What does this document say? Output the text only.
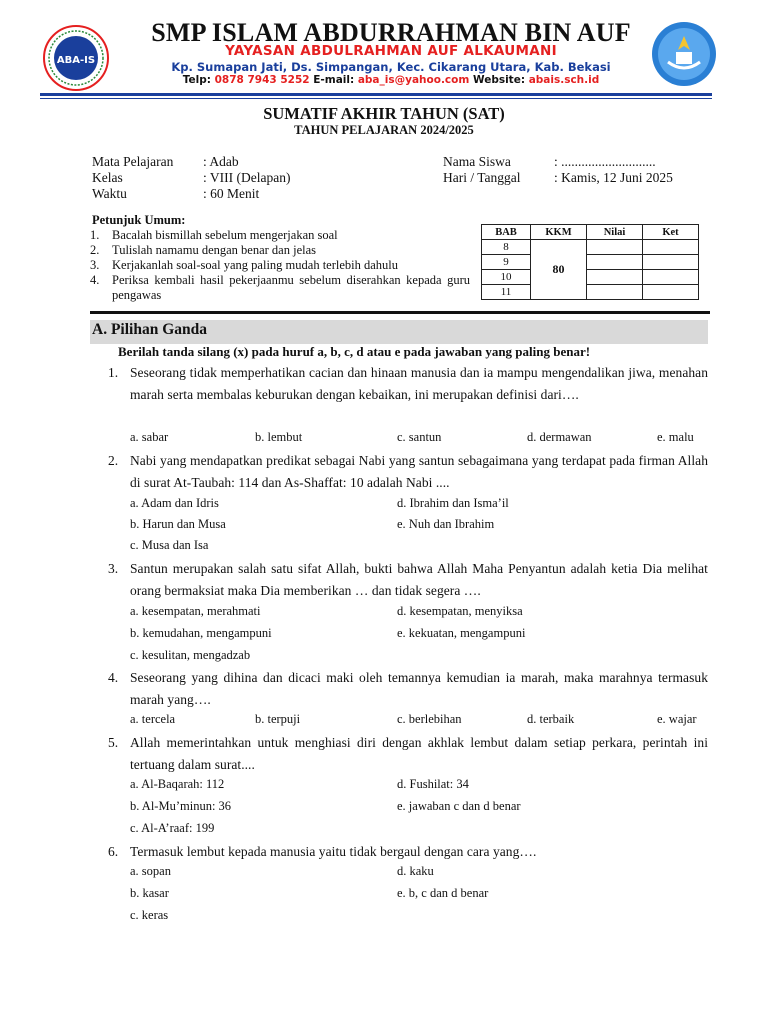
ABA-IS
SMP ISLAM ABDURRAHMAN BIN AUF
YAYASAN ABDULRAHMAN AUF ALKAUMANI
Kp. Sumapan Jati, Ds. Simpangan, Kec. Cikarang Utara, Kab. Bekasi
Telp: 0878 7943 5252 E-mail: aba_is@yahoo.com Website: abais.sch.id
SUMATIF AKHIR TAHUN (SAT)
TAHUN PELAJARAN 2024/2025
Mata Pelajaran : Adab
Kelas	: VIII (Delapan)
Waktu	: 60 Menit
Nama Siswa	: ............................
Hari / Tanggal : Kamis, 12 Juni 2025
Petunjuk Umum:
1. Bacalah bismillah sebelum mengerjakan soal
2. Tulislah namamu dengan benar dan jelas
3. Kerjakanlah soal-soal yang paling mudah terlebih dahulu
4. Periksa kembali hasil pekerjaanmu sebelum diserahkan kepada guru pengawas
BAB	KKM	Nilai	Ket
8	80		
9			
10			
11			
A. Pilihan Ganda
Berilah tanda silang (x) pada huruf a, b, c, d atau e pada jawaban yang paling benar!
1. Seseorang tidak memperhatikan cacian dan hinaan manusia dan ia mampu mengendalikan jiwa, menahan marah serta membalas keburukan dengan kebaikan, ini merupakan definisi dari….
a. sabar	b. lembut	c. santun	d. dermawan	e. malu
2. Nabi yang mendapatkan predikat sebagai Nabi yang santun sebagaimana yang terdapat pada firman Allah di surat At-Taubah: 114 dan As-Shaffat: 10 adalah Nabi ....
a. Adam dan Idris
b. Harun dan Musa
c. Musa dan Isa
d. Ibrahim dan Isma’il
e. Nuh dan Ibrahim
3. Santun merupakan salah satu sifat Allah, bukti bahwa Allah Maha Penyantun adalah ketia Dia melihat orang bermaksiat maka Dia memberikan … dan tidak segera ….
a. kesempatan, merahmati
b. kemudahan, mengampuni
c. kesulitan, mengadzab
d. kesempatan, menyiksa
e. kekuatan, mengampuni
4. Seseorang yang dihina dan dicaci maki oleh temannya kemudian ia marah, maka marahnya termasuk marah yang….
a. tercela	b. terpuji	c. berlebihan	d. terbaik	e. wajar
5. Allah memerintahkan untuk menghiasi diri dengan akhlak lembut dalam setiap perkara, perintah ini tertuang dalam surat....
a. Al-Baqarah: 112
b. Al-Mu’minun: 36
c. Al-A’raaf: 199
d. Fushilat: 34
e. jawaban c dan d benar
6. Termasuk lembut kepada manusia yaitu tidak bergaul dengan cara yang….
a. sopan
b. kasar
c. keras
d. kaku
e. b, c dan d benar
